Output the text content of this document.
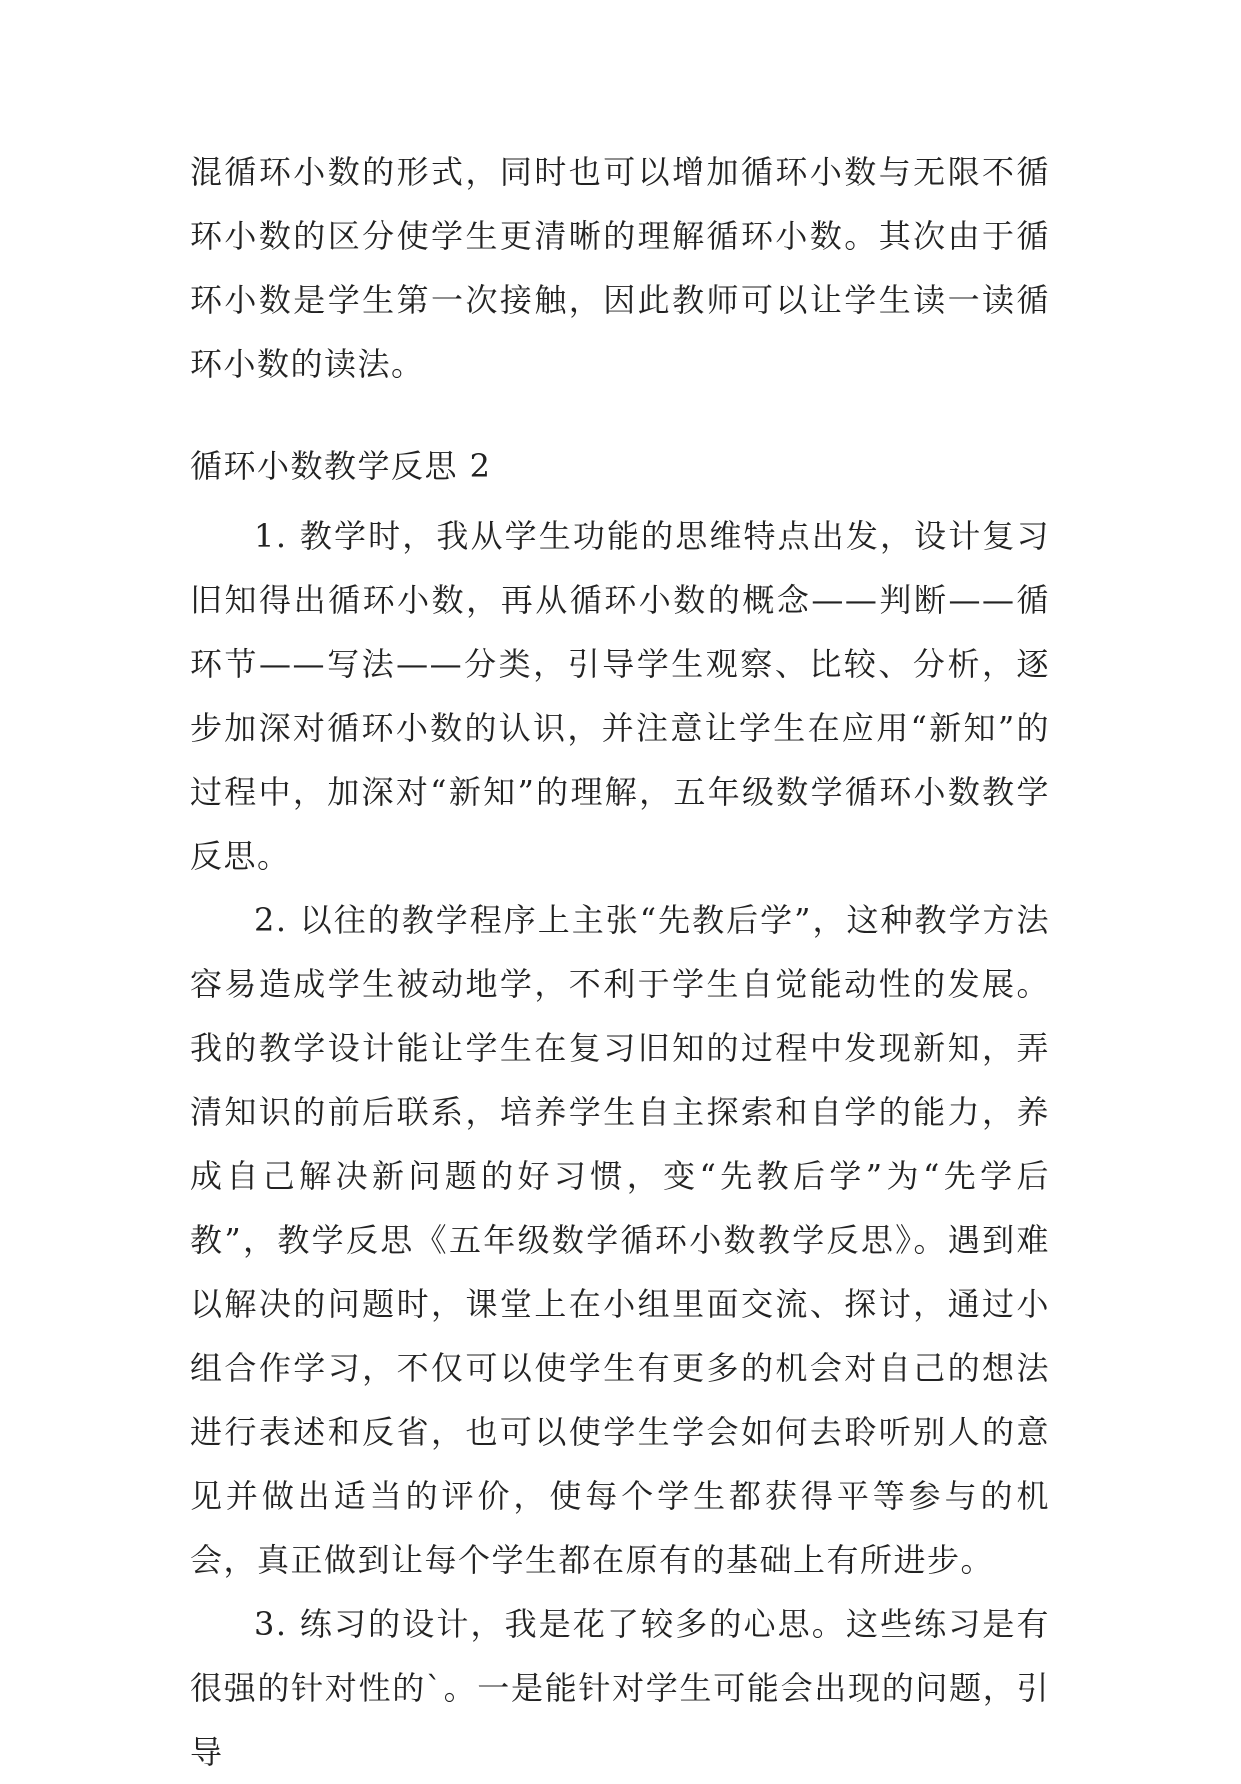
混循环小数的形式，同时也可以增加循环小数与无限不循环小数的区分使学生更清晰的理解循环小数。其次由于循环小数是学生第一次接触，因此教师可以让学生读一读循环小数的读法。

循环小数教学反思 2

1. 教学时，我从学生功能的思维特点出发，设计复习旧知得出循环小数，再从循环小数的概念——判断——循环节——写法——分类，引导学生观察、比较、分析，逐步加深对循环小数的认识，并注意让学生在应用“新知”的过程中，加深对“新知”的理解，五年级数学循环小数教学反思。

2. 以往的教学程序上主张“先教后学”，这种教学方法容易造成学生被动地学，不利于学生自觉能动性的发展。我的教学设计能让学生在复习旧知的过程中发现新知，弄清知识的前后联系，培养学生自主探索和自学的能力，养成自己解决新问题的好习惯，变“先教后学”为“先学后教”，教学反思《五年级数学循环小数教学反思》。遇到难以解决的问题时，课堂上在小组里面交流、探讨，通过小组合作学习，不仅可以使学生有更多的机会对自己的想法进行表述和反省，也可以使学生学会如何去聆听别人的意见并做出适当的评价，使每个学生都获得平等参与的机会，真正做到让每个学生都在原有的基础上有所进步。

3. 练习的设计，我是花了较多的心思。这些练习是有很强的针对性的`。一是能针对学生可能会出现的问题，引导
